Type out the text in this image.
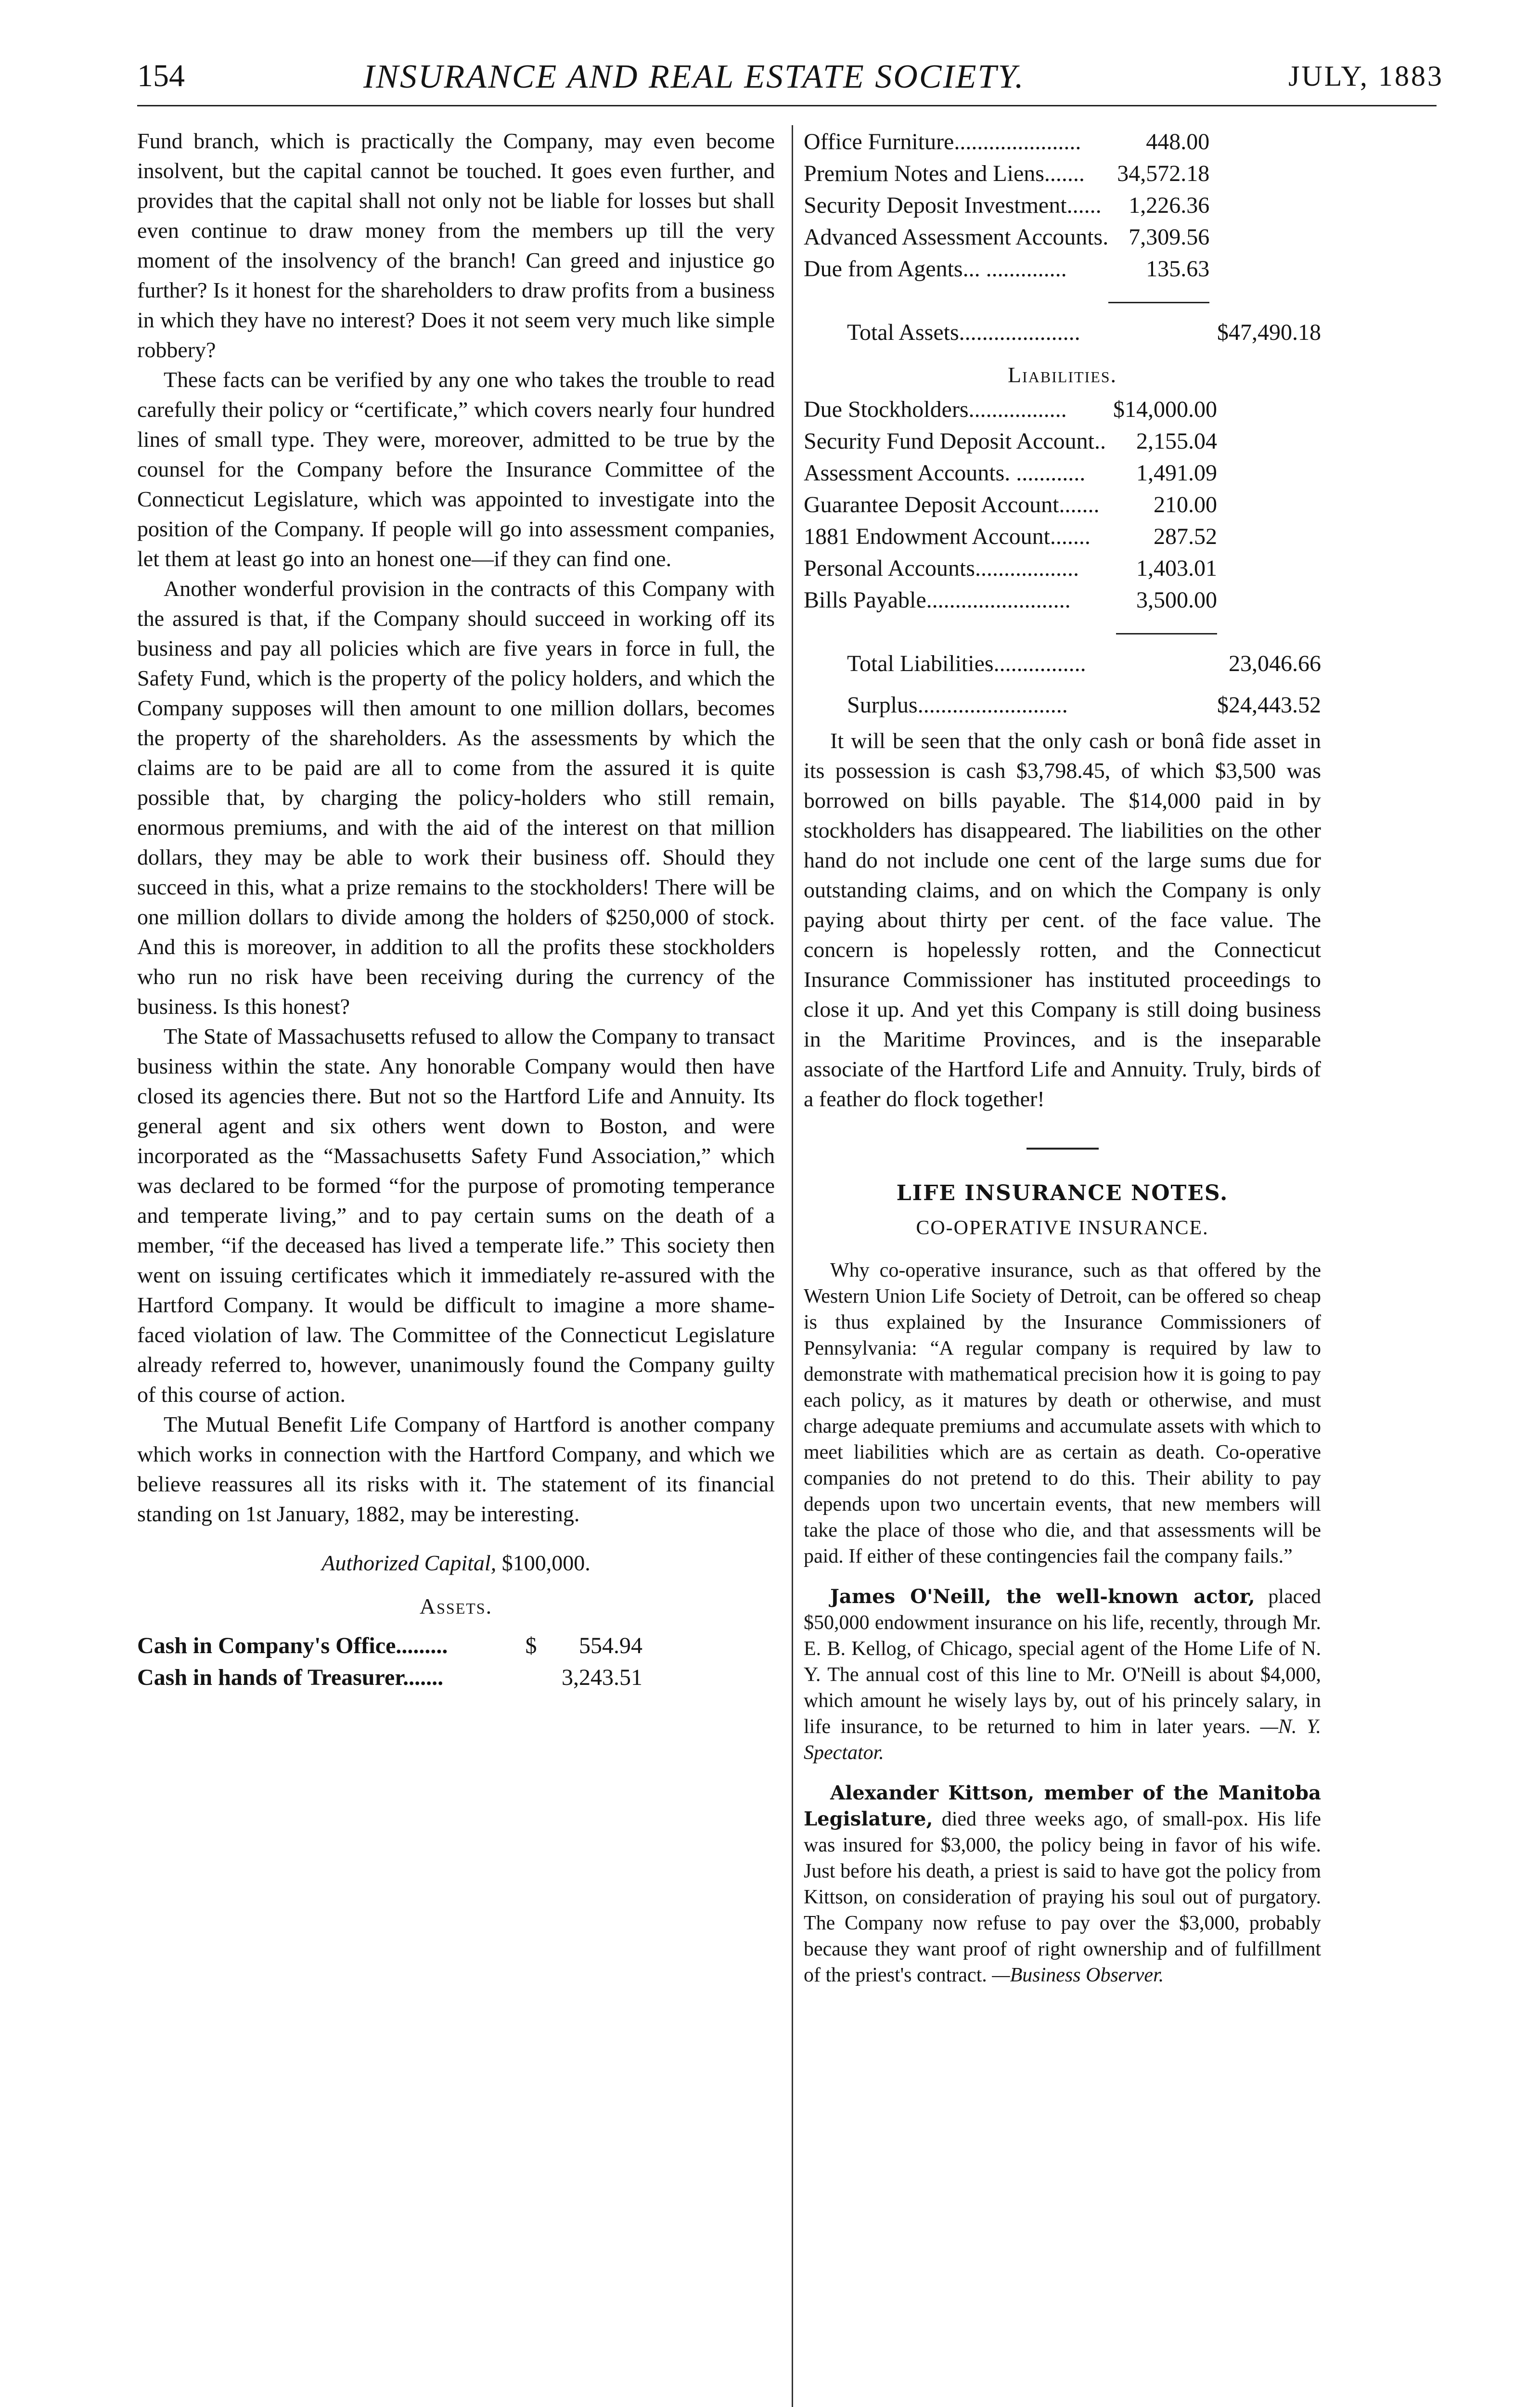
154	INSURANCE AND REAL ESTATE SOCIETY.	JULY, 1883

Fund branch, which is practically the Company, may even become insolvent, but the capital cannot be touched. It goes even further, and provides that the capital shall not only not be liable for losses but shall even continue to draw money from the members up till the very moment of the insolvency of the branch! Can greed and injustice go further? Is it honest for the shareholders to draw profits from a business in which they have no interest? Does it not seem very much like simple robbery?

These facts can be verified by any one who takes the trouble to read carefully their policy or “certificate,” which covers nearly four hundred lines of small type. They were, moreover, admitted to be true by the counsel for the Company before the Insurance Committee of the Connecticut Legislature, which was appointed to investigate into the position of the Company. If people will go into assessment companies, let them at least go into an honest one—if they can find one.

Another wonderful provision in the contracts of this Company with the assured is that, if the Company should succeed in working off its business and pay all policies which are five years in force in full, the Safety Fund, which is the property of the policy holders, and which the Company supposes will then amount to one million dollars, becomes the property of the shareholders. As the assessments by which the claims are to be paid are all to come from the assured it is quite possible that, by charging the policy-holders who still remain, enormous premiums, and with the aid of the interest on that million dollars, they may be able to work their business off. Should they succeed in this, what a prize remains to the stockholders! There will be one million dollars to divide among the holders of $250,000 of stock. And this is moreover, in addition to all the profits these stockholders who run no risk have been receiving during the currency of the business. Is this honest?

The State of Massachusetts refused to allow the Company to transact business within the state. Any honorable Company would then have closed its agencies there. But not so the Hartford Life and Annuity. Its general agent and six others went down to Boston, and were incorporated as the “Massachusetts Safety Fund Association,” which was declared to be formed “for the purpose of promoting temperance and temperate living,” and to pay certain sums on the death of a member, “if the deceased has lived a temperate life.” This society then went on issuing certificates which it immediately re-assured with the Hartford Company. It would be difficult to imagine a more shame-faced violation of law. The Committee of the Connecticut Legislature already referred to, however, unanimously found the Company guilty of this course of action.

The Mutual Benefit Life Company of Hartford is another company which works in connection with the Hartford Company, and which we believe reassures all its risks with it. The statement of its financial standing on 1st January, 1882, may be interesting.

Authorized Capital, $100,000.

Assets.

Cash in Company's Office.........	$	554.94
Cash in hands of Treasurer.......		3,243.51
Office Furniture......................	448.00	
Premium Notes and Liens.......	34,572.18	
Security Deposit Investment......	1,226.36	
Advanced Assessment Accounts.	7,309.56	
Due from Agents... ..............	135.63	

Total Assets.....................		$47,490.18

Liabilities.

Due Stockholders.................	$14,000.00	
Security Fund Deposit Account..	2,155.04	
Assessment Accounts. ............	1,491.09	
Guarantee Deposit Account.......	210.00	
1881 Endowment Account.......	287.52	
Personal Accounts..................	1,403.01	
Bills Payable.........................	3,500.00	

Total Liabilities................		23,046.66
Surplus..........................		$24,443.52

It will be seen that the only cash or bonâ fide asset in its possession is cash $3,798.45, of which $3,500 was borrowed on bills payable. The $14,000 paid in by stockholders has disappeared. The liabilities on the other hand do not include one cent of the large sums due for outstanding claims, and on which the Company is only paying about thirty per cent. of the face value. The concern is hopelessly rotten, and the Connecticut Insurance Commissioner has instituted proceedings to close it up. And yet this Company is still doing business in the Maritime Provinces, and is the inseparable associate of the Hartford Life and Annuity. Truly, birds of a feather do flock together!

LIFE INSURANCE NOTES.

CO-OPERATIVE INSURANCE.

Why co-operative insurance, such as that offered by the Western Union Life Society of Detroit, can be offered so cheap is thus explained by the Insurance Commissioners of Pennsylvania: “A regular company is required by law to demonstrate with mathematical precision how it is going to pay each policy, as it matures by death or otherwise, and must charge adequate premiums and accumulate assets with which to meet liabilities which are as certain as death. Co-operative companies do not pretend to do this. Their ability to pay depends upon two uncertain events, that new members will take the place of those who die, and that assessments will be paid. If either of these contingencies fail the company fails.”

James O'Neill, the well-known actor, placed $50,000 endowment insurance on his life, recently, through Mr. E. B. Kellog, of Chicago, special agent of the Home Life of N. Y. The annual cost of this line to Mr. O'Neill is about $4,000, which amount he wisely lays by, out of his princely salary, in life insurance, to be returned to him in later years. —N. Y. Spectator.

Alexander Kittson, member of the Manitoba Legislature, died three weeks ago, of small-pox. His life was insured for $3,000, the policy being in favor of his wife. Just before his death, a priest is said to have got the policy from Kittson, on consideration of praying his soul out of purgatory. The Company now refuse to pay over the $3,000, probably because they want proof of right ownership and of fulfillment of the priest's contract. —Business Observer.
